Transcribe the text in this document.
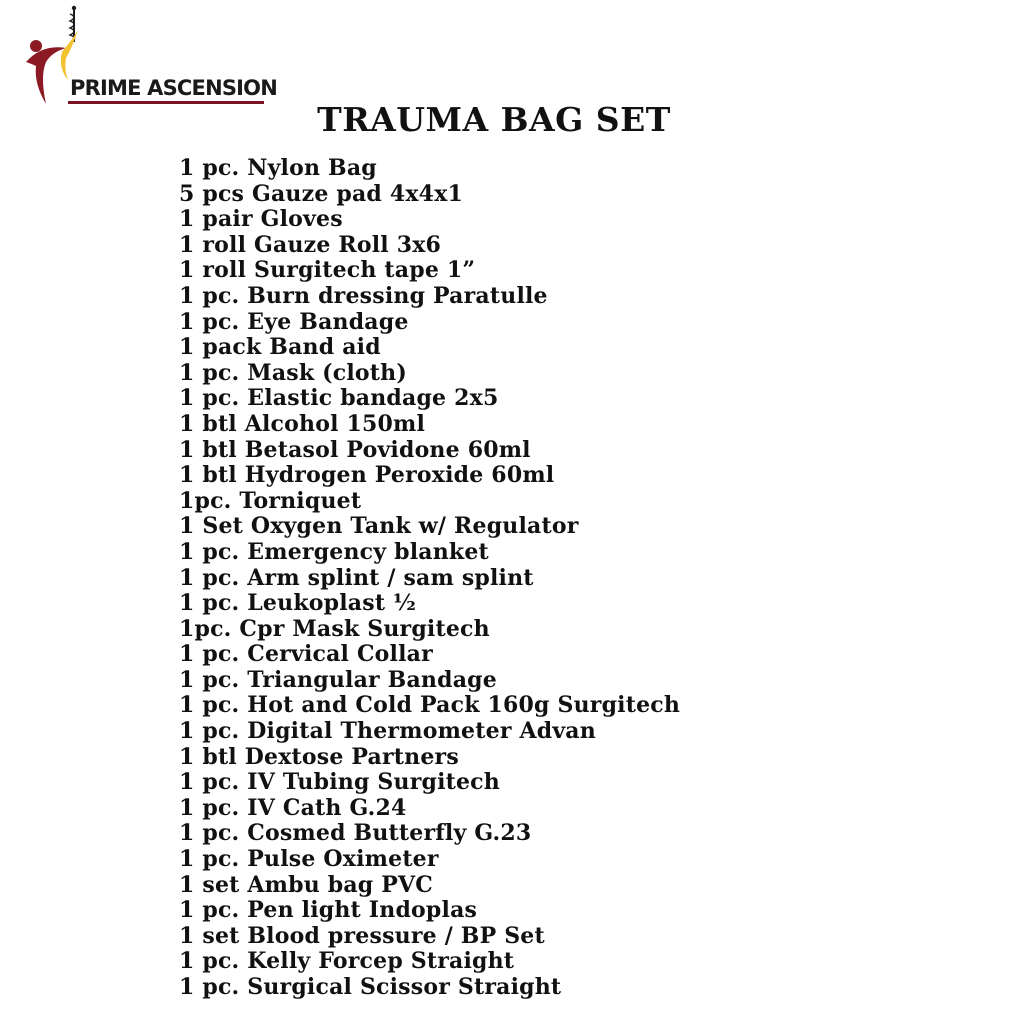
PRIME ASCENSION
TRAUMA BAG SET
1 pc. Nylon Bag
5 pcs Gauze pad 4x4x1
1 pair Gloves
1 roll Gauze Roll 3x6
1 roll Surgitech tape 1”
1 pc. Burn dressing Paratulle
1 pc. Eye Bandage
1 pack Band aid
1 pc. Mask (cloth)
1 pc. Elastic bandage 2x5
1 btl Alcohol 150ml
1 btl Betasol Povidone 60ml
1 btl Hydrogen Peroxide 60ml
1pc. Torniquet
1 Set Oxygen Tank w/ Regulator
1 pc. Emergency blanket
1 pc. Arm splint / sam splint
1 pc. Leukoplast ½
1pc. Cpr Mask Surgitech
1 pc. Cervical Collar
1 pc. Triangular Bandage
1 pc. Hot and Cold Pack 160g Surgitech
1 pc. Digital Thermometer Advan
1 btl Dextose Partners
1 pc. IV Tubing Surgitech
1 pc. IV Cath G.24
1 pc. Cosmed Butterfly G.23
1 pc. Pulse Oximeter
1 set Ambu bag PVC
1 pc. Pen light Indoplas
1 set Blood pressure / BP Set
1 pc. Kelly Forcep Straight
1 pc. Surgical Scissor Straight
